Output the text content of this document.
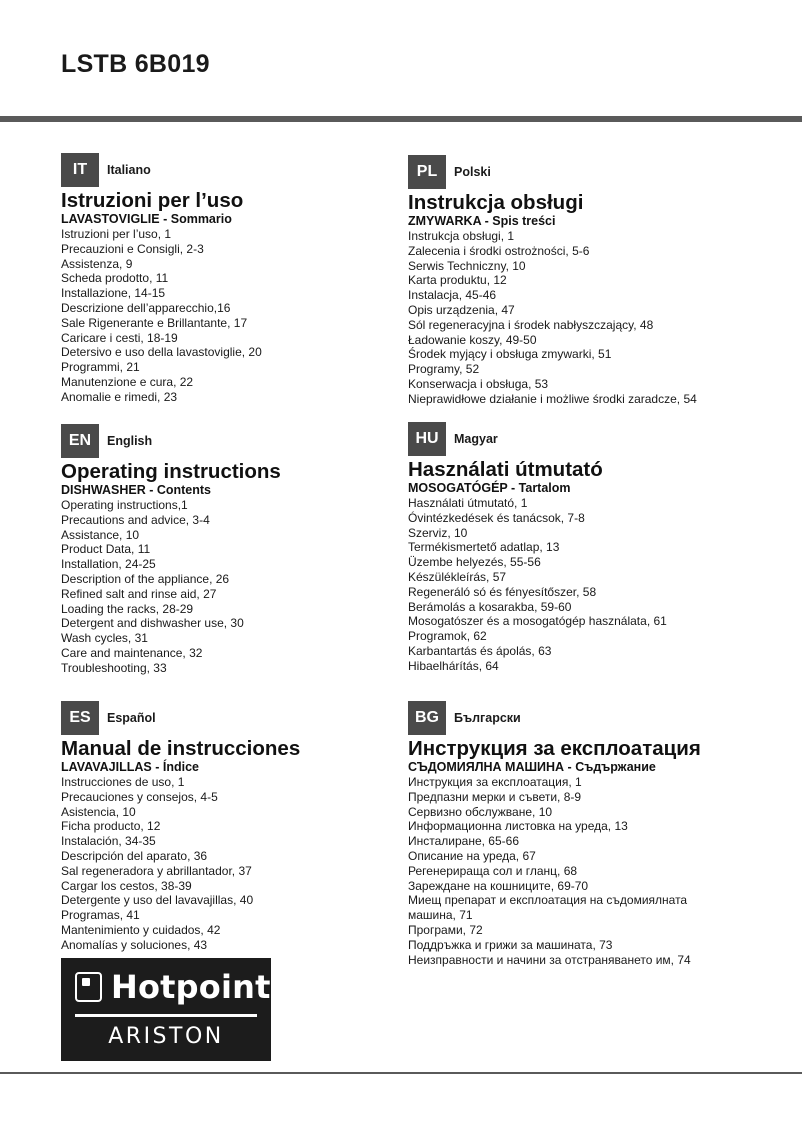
LSTB 6B019
IT	Italiano
Istruzioni per l’uso
LAVASTOVIGLIE - Sommario
Istruzioni per l’uso, 1
Precauzioni e Consigli, 2-3
Assistenza, 9
Scheda prodotto, 11
Installazione, 14-15
Descrizione dell’apparecchio,16
Sale Rigenerante e Brillantante, 17
Caricare i cesti, 18-19
Detersivo e uso della lavastoviglie, 20
Programmi, 21
Manutenzione e cura, 22
Anomalie e rimedi, 23
PL	Polski
Instrukcja obsługi
ZMYWARKA - Spis treści
Instrukcja obsługi, 1
Zalecenia i środki ostrożności, 5-6
Serwis Techniczny, 10
Karta produktu, 12
Instalacja, 45-46
Opis urządzenia, 47
Sól regeneracyjna i środek nabłyszczający, 48
Ładowanie koszy, 49-50
Środek myjący i obsługa zmywarki, 51
Programy, 52
Konserwacja i obsługa, 53
Nieprawidłowe działanie i możliwe środki zaradcze, 54
EN	English
Operating instructions
DISHWASHER - Contents
Operating instructions,1
Precautions and advice, 3-4
Assistance, 10
Product Data, 11
Installation, 24-25
Description of the appliance, 26
Refined salt and rinse aid, 27
Loading the racks, 28-29
Detergent and dishwasher use, 30
Wash cycles, 31
Care and maintenance, 32
Troubleshooting, 33
HU	Magyar
Használati útmutató
MOSOGATÓGÉP - Tartalom
Használati útmutató, 1
Óvintézkedések és tanácsok, 7-8
Szerviz, 10
Termékismertető adatlap, 13
Üzembe helyezés, 55-56
Készülékleírás, 57
Regeneráló só és fényesítőszer, 58
Berámolás a kosarakba, 59-60
Mosogatószer és a mosogatógép használata, 61
Programok, 62
Karbantartás és ápolás, 63
Hibaelhárítás, 64
ES	Español
Manual de instrucciones
LAVAVAJILLAS - Índice
Instrucciones de uso, 1
Precauciones y consejos, 4-5
Asistencia, 10
Ficha producto, 12
Instalación, 34-35
Descripción del aparato, 36
Sal regeneradora y abrillantador, 37
Cargar los cestos, 38-39
Detergente y uso del lavavajillas, 40
Programas, 41
Mantenimiento y cuidados, 42
Anomalías y soluciones, 43
BG	Български
Инструкция за експлоатация
СЪДОМИЯЛНА МАШИНА - Съдържание
Инструкция за експлоатация, 1
Предпазни мерки и съвети, 8-9
Сервизно обслужване, 10
Информационна листовка на уреда, 13
Инсталиране, 65-66
Описание на уреда, 67
Регенерираща сол и гланц, 68
Зареждане на кошниците, 69-70
Миещ препарат и експлоатация на съдомиялната машина, 71
Програми, 72
Поддръжка и грижи за машината, 73
Неизправности и начини за отстраняването им, 74
Hotpoint
ARISTON
